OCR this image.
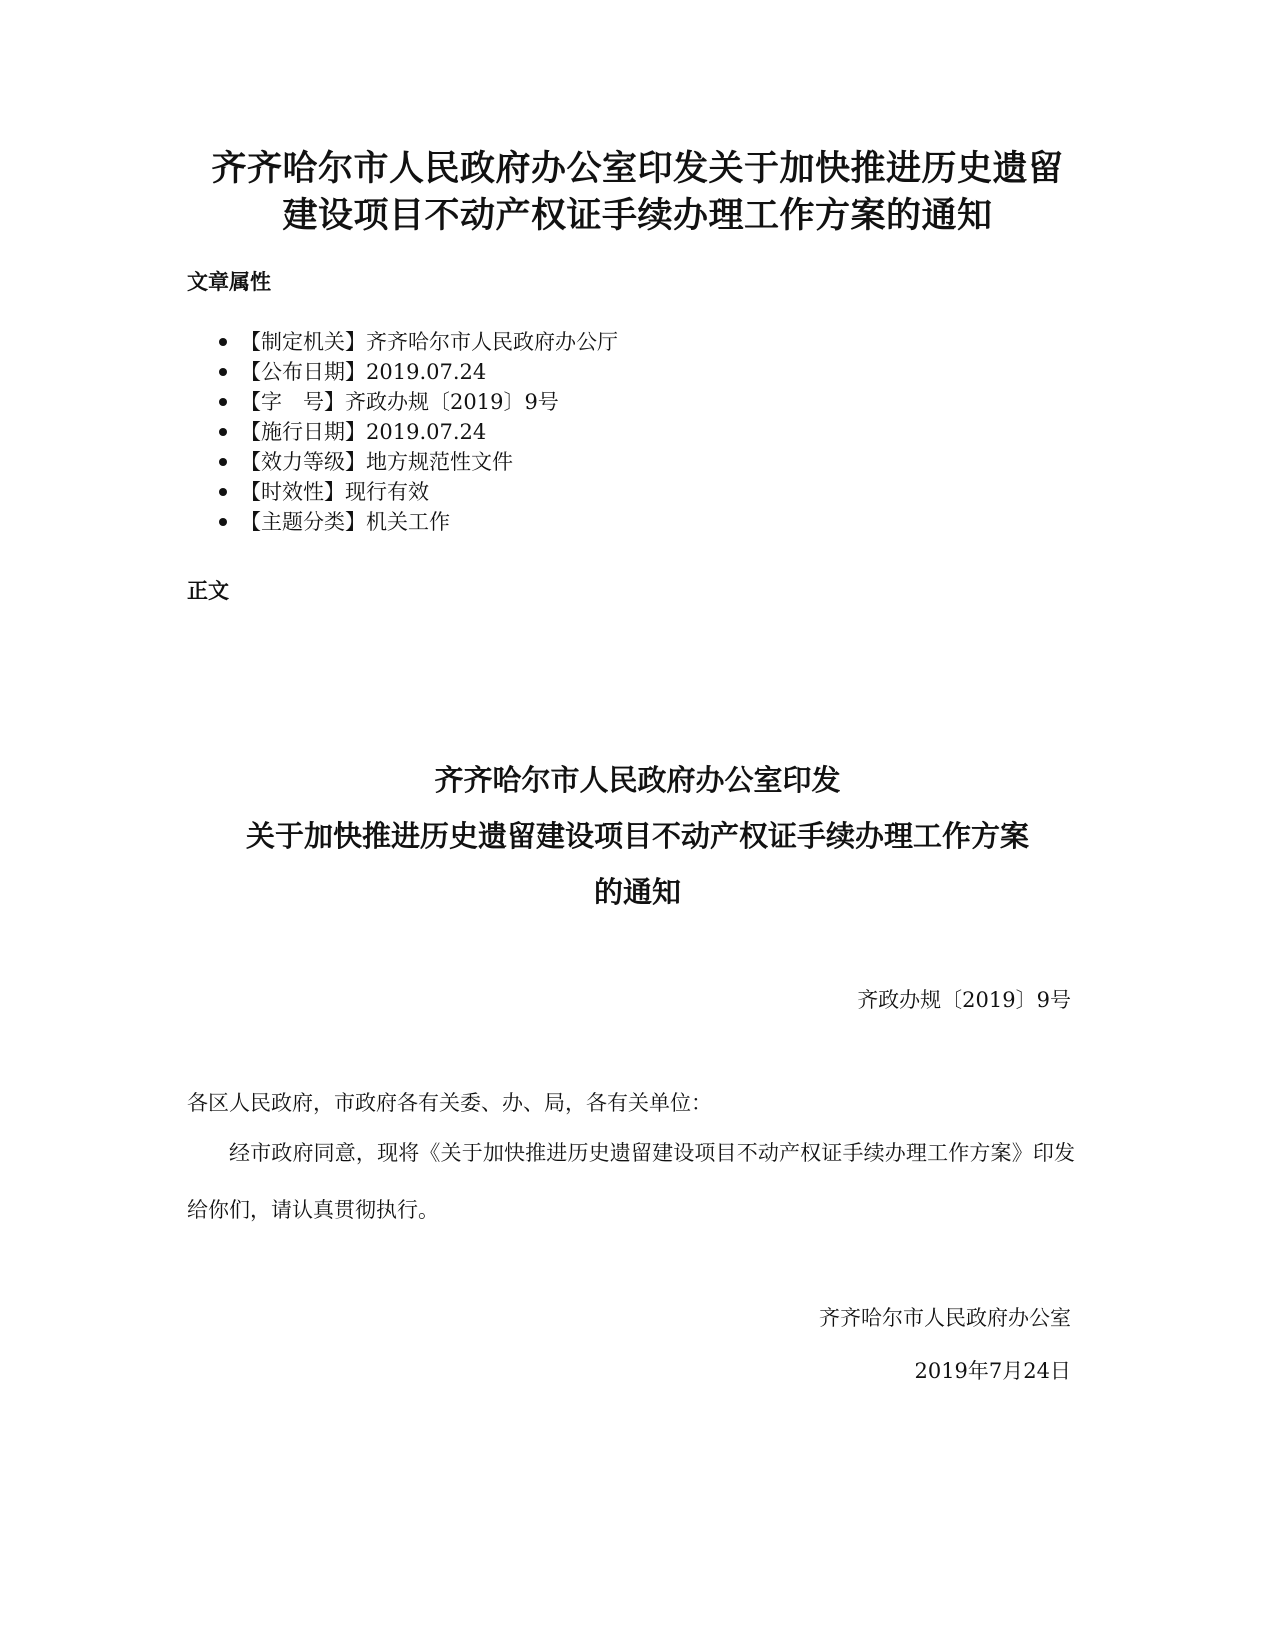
齐齐哈尔市人民政府办公室印发关于加快推进历史遗留
建设项目不动产权证手续办理工作方案的通知
文章属性
【制定机关】齐齐哈尔市人民政府办公厅
【公布日期】2019.07.24
【字　号】齐政办规〔2019〕9号
【施行日期】2019.07.24
【效力等级】地方规范性文件
【时效性】现行有效
【主题分类】机关工作
正文
齐齐哈尔市人民政府办公室印发
关于加快推进历史遗留建设项目不动产权证手续办理工作方案
的通知
齐政办规〔2019〕9号
各区人民政府，市政府各有关委、办、局，各有关单位：

经市政府同意，现将《关于加快推进历史遗留建设项目不动产权证手续办理工作方案》印发给你们，请认真贯彻执行。

齐齐哈尔市人民政府办公室
2019年7月24日
